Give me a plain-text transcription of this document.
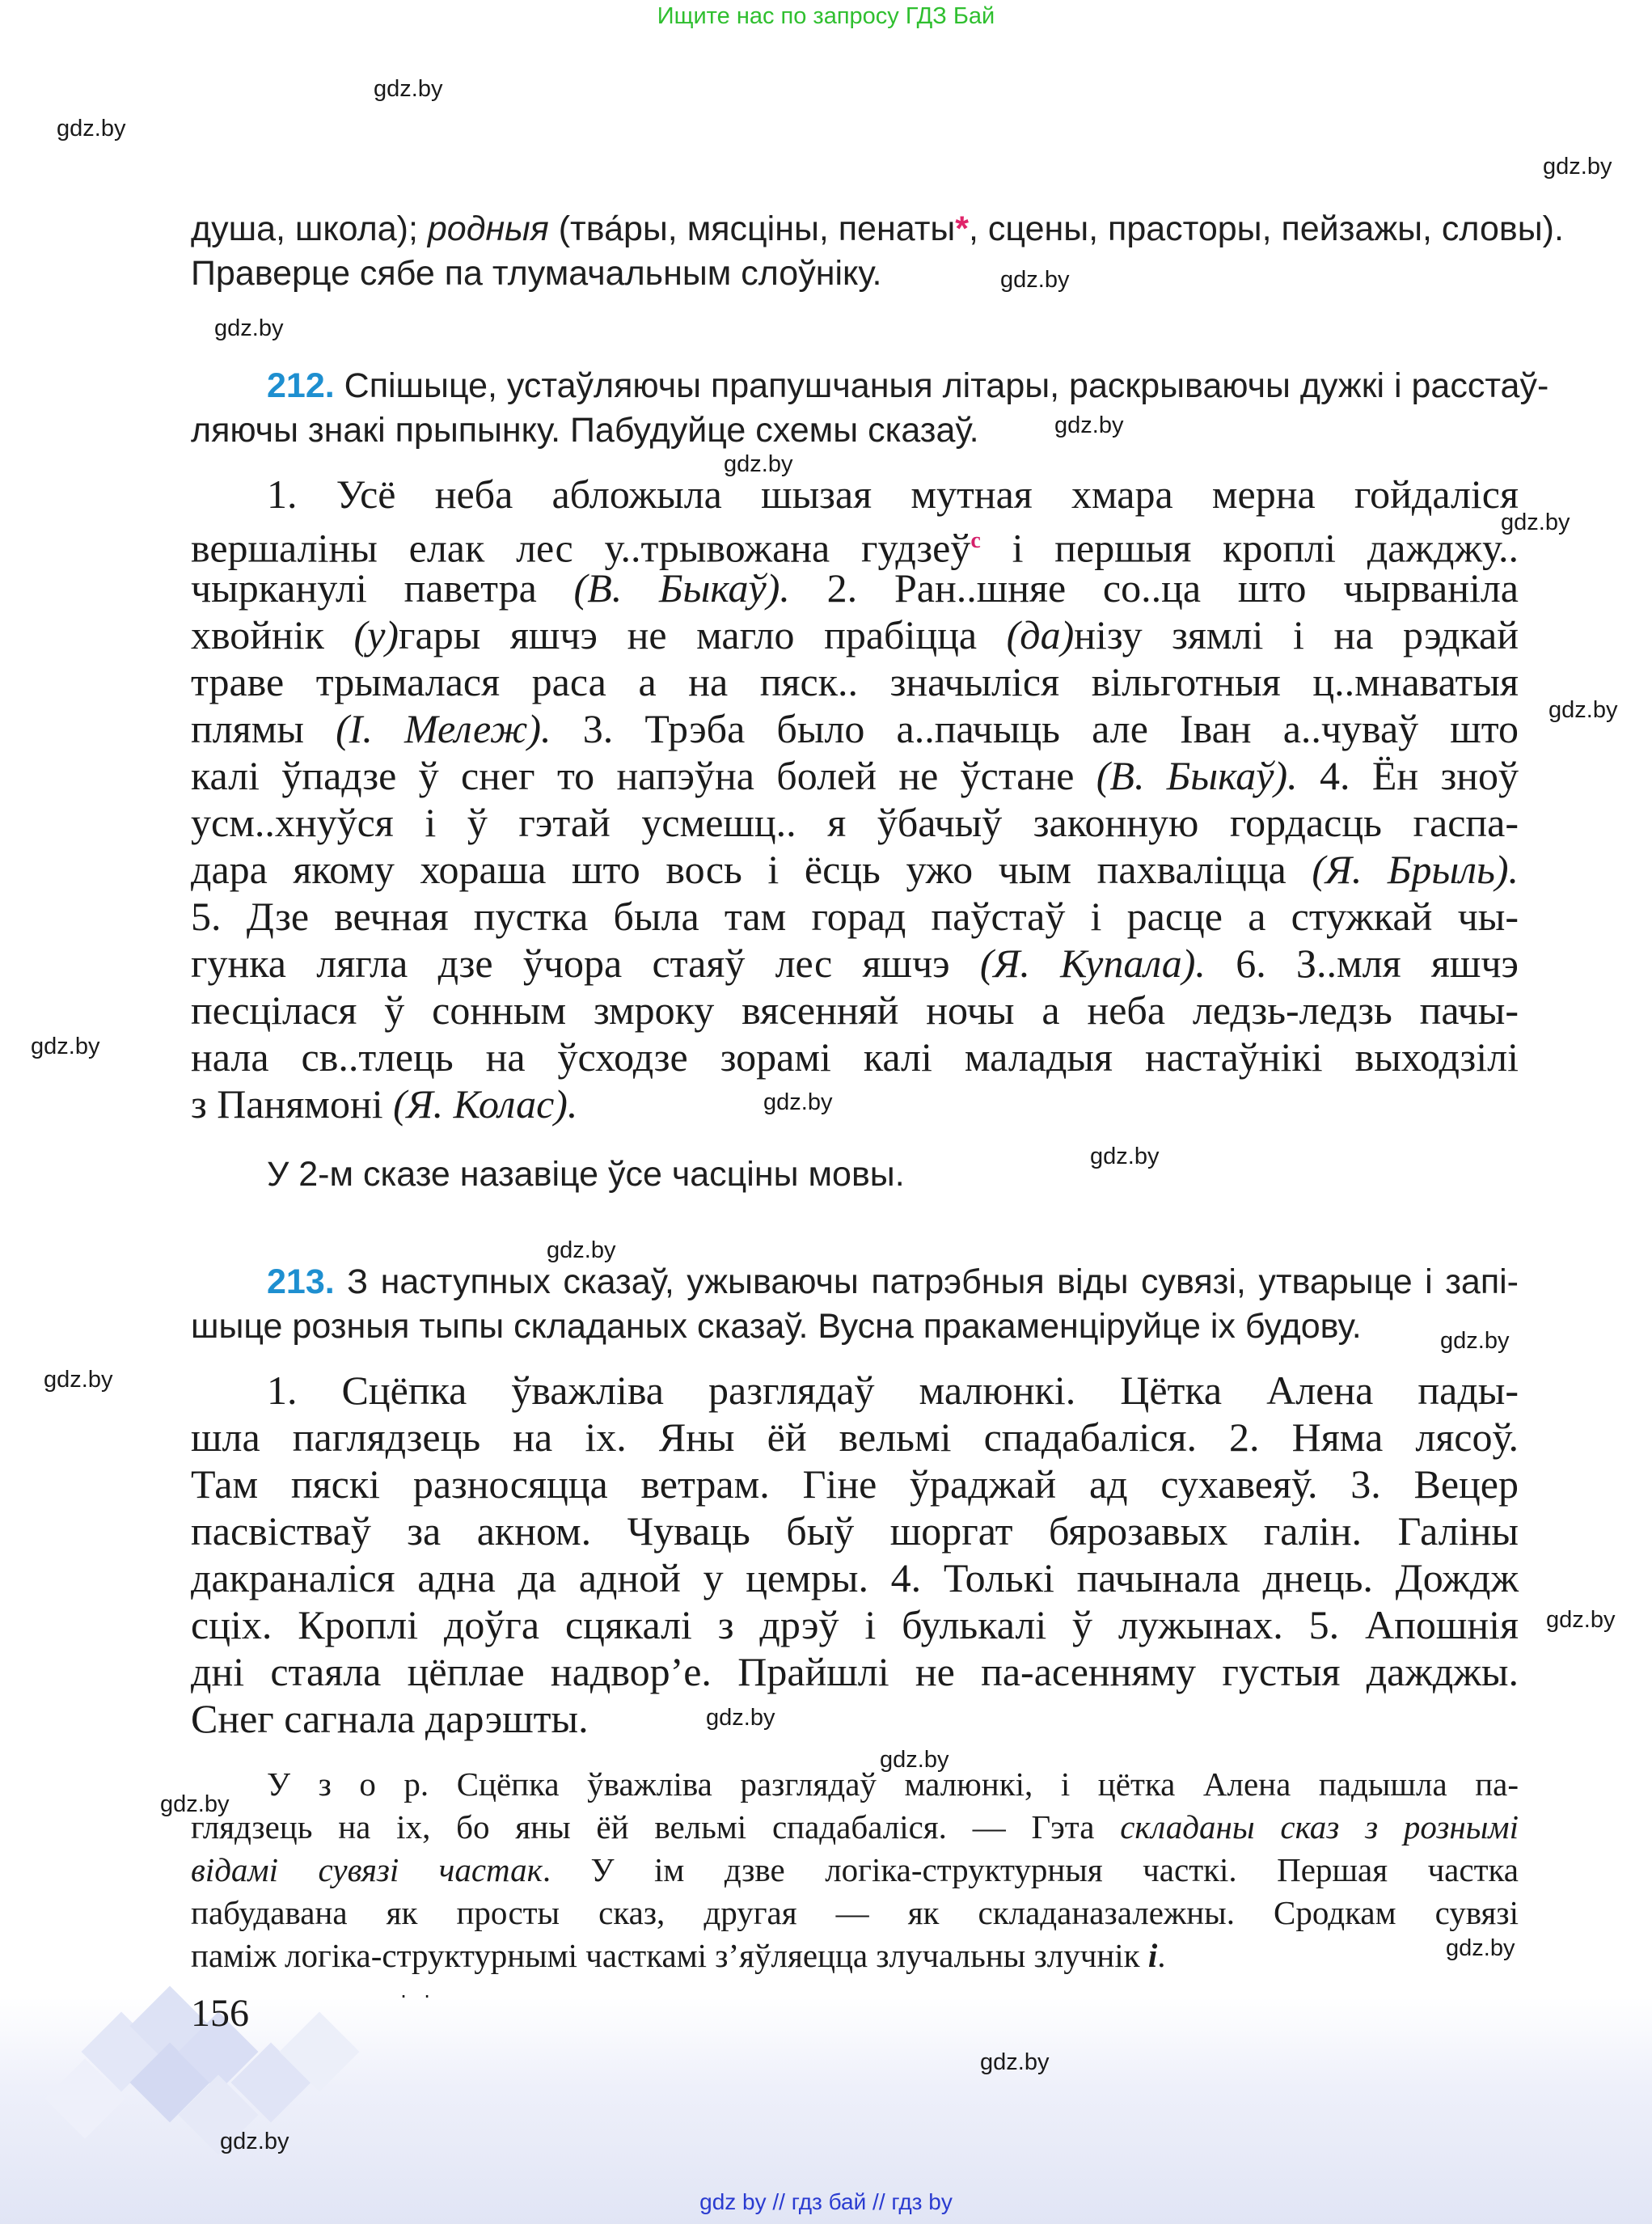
Ищите нас по запросу ГДЗ Бай
gdz.by
gdz.by
gdz.by
gdz.by
gdz.by
gdz.by
gdz.by
gdz.by
gdz.by
gdz.by
gdz.by
gdz.by
gdz.by
gdz.by
gdz.by
gdz.by
gdz.by
gdz.by
gdz.by
gdz.by
душа, школа); родныя (тва́ры, мясціны, пенаты*, сцены, прасторы, пейзажы, словы).
Праверце сябе па тлумачальным слоўніку.
212. Спішыце, устаўляючы прапушчаныя літары, раскрываючы дужкі і расстаў-
ляючы знакі прыпынку. Пабудуйце схемы сказаў.
1. Усё неба абложыла шызая мутная хмара мерна гойдаліся
вершаліны елак лес у..трывожана гудзеў$^с$ і першыя кроплі дажджу..
чырканулі паветра (В. Быкаў). 2. Ран..шняе со..ца што чырваніла
хвойнік (у)гары яшчэ не магло прабіцца (да)нізу зямлі і на рэдкай
траве трымалася раса а на пяск.. значыліся вільготныя ц..мнаватыя
плямы (І. Мележ). 3. Трэба было а..пачыць але Іван а..чуваў што
калі ўпадзе ў снег то напэўна болей не ўстане (В. Быкаў). 4. Ён зноў
усм..хнуўся і ў гэтай усмешц.. я ўбачыў законную гордасць гаспа-
дара якому хораша што вось і ёсць ужо чым пахваліцца (Я. Брыль).
5. Дзе вечная пустка была там горад паўстаў і расце а стужкай чы-
гунка лягла дзе ўчора стаяў лес яшчэ (Я. Купала). 6. З..мля яшчэ
песцілася ў сонным змроку вясенняй ночы а неба ледзь-ледзь пачы-
нала св..тлець на ўсходзе зорамі калі маладыя настаўнікі выходзілі
з Панямоні (Я. Колас).
У 2-м сказе назавіце ўсе часціны мовы.
213. З наступных сказаў, ужываючы патрэбныя віды сувязі, утварыце і запі-
шыце розныя тыпы складаных сказаў. Вусна пракаменціруйце іх будову.
1. Сцёпка ўважліва разглядаў малюнкі. Цётка Алена пады-
шла паглядзець на іх. Яны ёй вельмі спадабаліся. 2. Няма лясоў.
Там пяскі разносяцца ветрам. Гіне ўраджай ад сухавеяў. 3. Вецер
пасвістваў за акном. Чуваць быў шоргат бярозавых галін. Галіны
дакраналіся адна да адной у цемры. 4. Толькі пачынала днець. Дождж
сціх. Кроплі доўга сцякалі з дрэў і булькалі ў лужынах. 5. Апошнія
дні стаяла цёплае надвор’е. Прайшлі не па-асенняму густыя дажджы.
Снег сагнала дарэшты.
У з о р. Сцёпка ўважліва разглядаў малюнкі, і цётка Алена падышла па-
глядзець на іх, бо яны ёй вельмі спадабаліся. — Гэта складаны сказ з рознымі
відамі сувязі частак. У ім дзве логіка-структурныя часткі. Першая частка
пабудавана як просты сказ, другая — як складаназалежны. Сродкам сувязі
паміж логіка-структурнымі часткамі з’яўляецца злучальны злучнік і.
156
gdz.by
gdz.by
gdz by // гдз бай // гдз by
